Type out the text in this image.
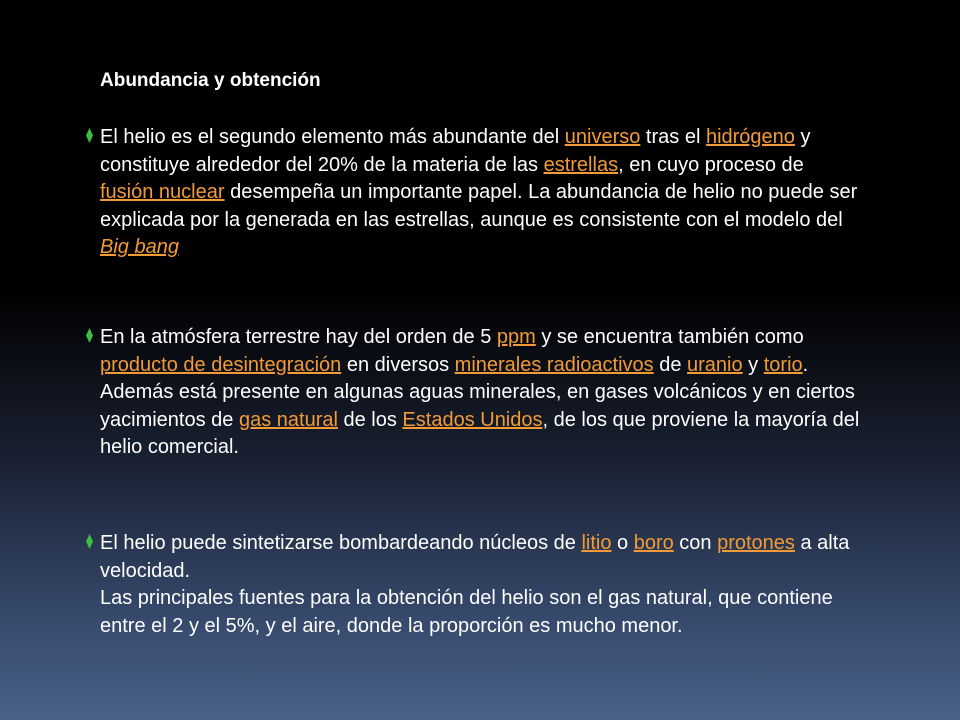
Abundancia y obtención

El helio es el segundo elemento más abundante del universo tras el hidrógeno y constituye alrededor del 20% de la materia de las estrellas, en cuyo proceso de fusión nuclear desempeña un importante papel. La abundancia de helio no puede ser explicada por la generada en las estrellas, aunque es consistente con el modelo del Big bang

En la atmósfera terrestre hay del orden de 5 ppm y se encuentra también como producto de desintegración en diversos minerales radioactivos de uranio y torio. Además está presente en algunas aguas minerales, en gases volcánicos y en ciertos yacimientos de gas natural de los Estados Unidos, de los que proviene la mayoría del helio comercial.

El helio puede sintetizarse bombardeando núcleos de litio o boro con protones a alta velocidad.
Las principales fuentes para la obtención del helio son el gas natural, que contiene entre el 2 y el 5%, y el aire, donde la proporción es mucho menor.
